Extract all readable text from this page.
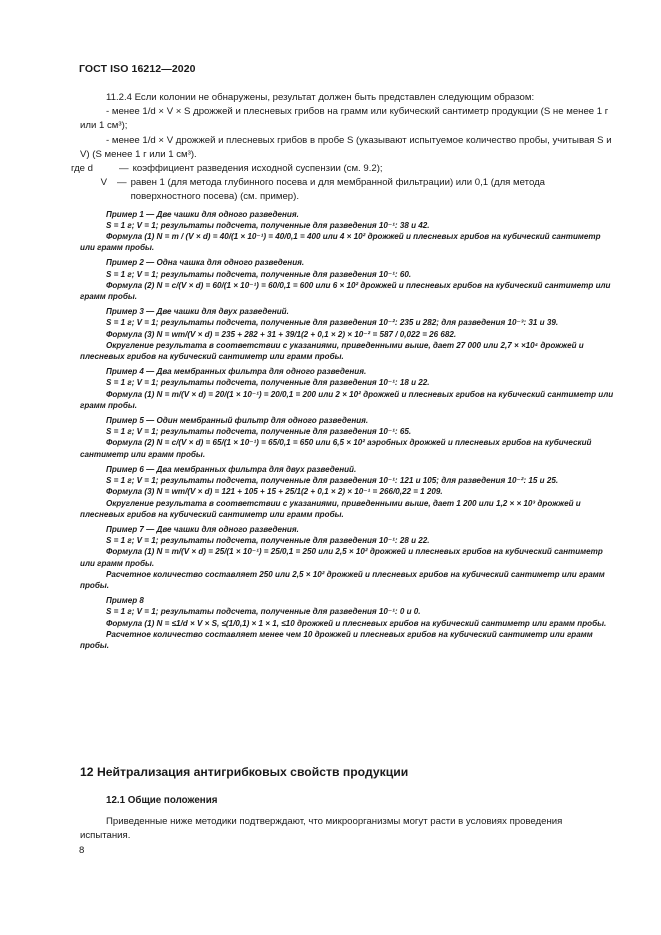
ГОСТ ISO 16212—2020

11.2.4 Если колонии не обнаружены, результат должен быть представлен следующим образом:

- менее 1/d × V × S дрожжей и плесневых грибов на грамм или кубический сантиметр продукции (S не менее 1 г или 1 см³);

- менее 1/d × V дрожжей и плесневых грибов в пробе S (указывают испытуемое количество пробы, учитывая S и V) (S менее 1 г или 1 см³).

где d	— коэффициент разведения исходной суспензии (см. 9.2);
V	— равен 1 (для метода глубинного посева и для мембранной фильтрации) или 0,1 (для метода поверхностного посева) (см. пример).

Пример 1 — Две чашки для одного разведения.

S = 1 г; V = 1; результаты подсчета, полученные для разведения 10⁻¹: 38 и 42.

Формула (1) N = m / (V × d) = 40/(1 × 10⁻¹) = 40/0,1 = 400 или 4 × 10² дрожжей и плесневых грибов на кубический сантиметр или грамм пробы.

Пример 2 — Одна чашка для одного разведения.

S = 1 г; V = 1; результаты подсчета, полученные для разведения 10⁻¹: 60.

Формула (2) N = c/(V × d) = 60/(1 × 10⁻¹) = 60/0,1 = 600 или 6 × 10² дрожжей и плесневых грибов на кубический сантиметр или грамм пробы.

Пример 3 — Две чашки для двух разведений.

S = 1 г; V = 1; результаты подсчета, полученные для разведения 10⁻²: 235 и 282; для разведения 10⁻³: 31 и 39.

Формула (3) N = wm/(V × d) = 235 + 282 + 31 + 39/1(2 + 0,1 × 2) × 10⁻² = 587 / 0,022 = 26 682.

Округление результата в соответствии с указаниями, приведенными выше, дает 27 000 или 2,7 × ×10⁴ дрожжей и плесневых грибов на кубический сантиметр или грамм пробы.

Пример 4 — Два мембранных фильтра для одного разведения.

S = 1 г; V = 1; результаты подсчета, полученные для разведения 10⁻¹: 18 и 22.

Формула (1) N = m/(V × d) = 20/(1 × 10⁻¹) = 20/0,1 = 200 или 2 × 10² дрожжей и плесневых грибов на кубический сантиметр или грамм пробы.

Пример 5 — Один мембранный фильтр для одного разведения.

S = 1 г; V = 1; результаты подсчета, полученные для разведения 10⁻¹: 65.

Формула (2) N = c/(V × d) = 65/(1 × 10⁻¹) = 65/0,1 = 650 или 6,5 × 10² аэробных дрожжей и плесневых грибов на кубический сантиметр или грамм пробы.

Пример 6 — Два мембранных фильтра для двух разведений.

S = 1 г; V = 1; результаты подсчета, полученные для разведения 10⁻¹: 121 и 105; для разведения 10⁻²: 15 и 25.

Формула (3) N = wm/(V × d) = 121 + 105 + 15 + 25/1(2 + 0,1 × 2) × 10⁻¹ = 266/0,22 = 1 209.

Округление результата в соответствии с указаниями, приведенными выше, дает 1 200 или 1,2 × × 10³ дрожжей и плесневых грибов на кубический сантиметр или грамм пробы.

Пример 7 — Две чашки для одного разведения.

S = 1 г; V = 1; результаты подсчета, полученные для разведения 10⁻¹: 28 и 22.

Формула (1) N = m/(V × d) = 25/(1 × 10⁻¹) = 25/0,1 = 250 или 2,5 × 10² дрожжей и плесневых грибов на кубический сантиметр или грамм пробы.

Расчетное количество составляет 250 или 2,5 × 10² дрожжей и плесневых грибов на кубический сантиметр или грамм пробы.

Пример 8

S = 1 г; V = 1; результаты подсчета, полученные для разведения 10⁻¹: 0 и 0.

Формула (1) N = ≤1/d × V × S, ≤(1/0,1) × 1 × 1, ≤10 дрожжей и плесневых грибов на кубический сантиметр или грамм пробы.

Расчетное количество составляет менее чем 10 дрожжей и плесневых грибов на кубический сантиметр или грамм пробы.

12 Нейтрализация антигрибковых свойств продукции
12.1 Общие положения

Приведенные ниже методики подтверждают, что микроорганизмы могут расти в условиях проведения испытания.

8
